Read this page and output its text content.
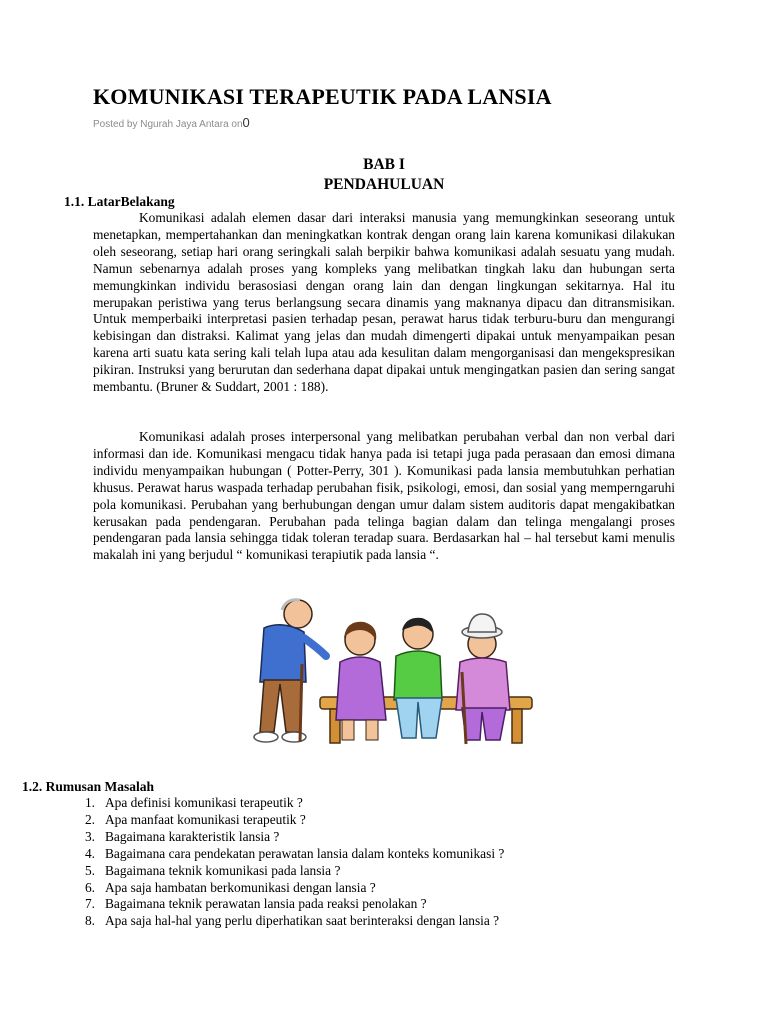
KOMUNIKASI TERAPEUTIK PADA LANSIA
Posted by Ngurah Jaya Antara on0
BAB I
PENDAHULUAN
1.1. LatarBelakang

Komunikasi adalah elemen dasar dari interaksi manusia yang memungkinkan seseorang untuk menetapkan, mempertahankan dan meningkatkan kontrak dengan orang lain karena komunikasi dilakukan oleh seseorang, setiap hari orang seringkali salah berpikir bahwa komunikasi adalah sesuatu yang mudah. Namun sebenarnya adalah proses yang kompleks yang melibatkan tingkah laku dan hubungan serta memungkinkan individu berasosiasi dengan orang lain dan dengan lingkungan sekitarnya. Hal itu merupakan peristiwa yang terus berlangsung secara dinamis yang maknanya dipacu dan ditransmisikan. Untuk memperbaiki interpretasi pasien terhadap pesan, perawat harus tidak terburu-buru dan mengurangi kebisingan dan distraksi. Kalimat yang jelas dan mudah dimengerti dipakai untuk menyampaikan pesan karena arti suatu kata sering kali telah lupa atau ada kesulitan dalam mengorganisasi dan mengekspresikan pikiran. Instruksi yang berurutan dan sederhana dapat dipakai untuk mengingatkan pasien dan sering sangat membantu. (Bruner & Suddart, 2001 : 188).

Komunikasi adalah proses interpersonal yang melibatkan perubahan verbal dan non verbal dari informasi dan ide. Komunikasi mengacu tidak hanya pada isi tetapi juga pada perasaan dan emosi dimana individu menyampaikan hubungan ( Potter-Perry, 301 ). Komunikasi pada lansia membutuhkan perhatian khusus. Perawat harus waspada terhadap perubahan fisik, psikologi, emosi, dan sosial yang memperngaruhi pola komunikasi. Perubahan yang berhubungan dengan umur dalam sistem auditoris dapat mengakibatkan kerusakan pada pendengaran. Perubahan pada telinga bagian dalam dan telinga mengalangi proses pendengaran pada lansia sehingga tidak toleran teradap suara. Berdasarkan hal – hal tersebut kami menulis makalah ini yang berjudul “ komunikasi terapiutik pada lansia “.

1.2. Rumusan Masalah
1. Apa definisi komunikasi terapeutik ?
2. Apa manfaat komunikasi terapeutik ?
3. Bagaimana karakteristik lansia ?
4. Bagaimana cara pendekatan perawatan lansia dalam konteks komunikasi ?
5. Bagaimana teknik komunikasi pada lansia ?
6. Apa saja hambatan berkomunikasi dengan lansia ?
7. Bagaimana teknik perawatan lansia pada reaksi penolakan ?
8. Apa saja hal-hal yang perlu diperhatikan saat berinteraksi dengan lansia ?
